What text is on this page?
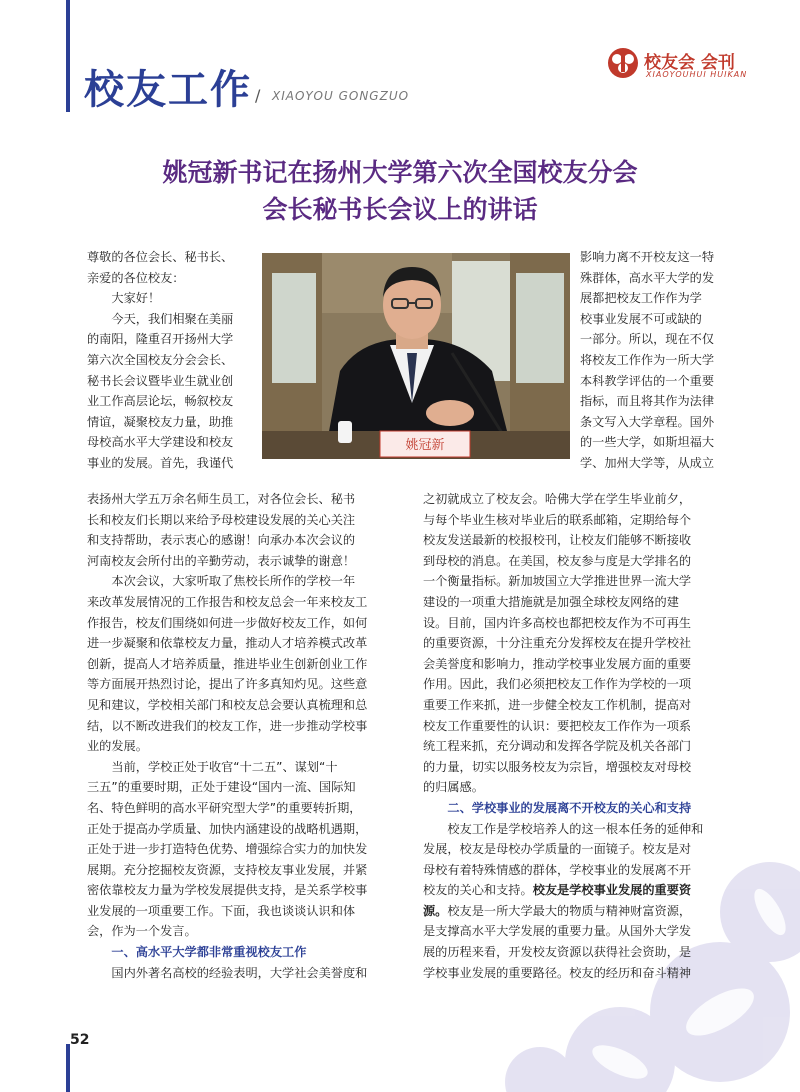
校友工作 / XIAOYOU GONGZUO
校友会 会刊
XIAOYOUHUI HUIKAN
姚冠新书记在扬州大学第六次全国校友分会
会长秘书长会议上的讲话
姚冠新

尊敬的各位会长、秘书长、

亲爱的各位校友：

大家好！

今天，我们相聚在美丽

的南阳，隆重召开扬州大学

第六次全国校友分会会长、

秘书长会议暨毕业生就业创

业工作高层论坛，畅叙校友

情谊，凝聚校友力量，助推

母校高水平大学建设和校友

事业的发展。首先，我谨代

表扬州大学五万余名师生员工，对各位会长、秘书

长和校友们长期以来给予母校建设发展的关心关注

和支持帮助，表示衷心的感谢！向承办本次会议的

河南校友会所付出的辛勤劳动，表示诚挚的谢意！

本次会议，大家听取了焦校长所作的学校一年

来改革发展情况的工作报告和校友总会一年来校友工

作报告，校友们围绕如何进一步做好校友工作，如何

进一步凝聚和依靠校友力量，推动人才培养模式改革

创新，提高人才培养质量，推进毕业生创新创业工作

等方面展开热烈讨论，提出了许多真知灼见。这些意

见和建议，学校相关部门和校友总会要认真梳理和总

结，以不断改进我们的校友工作，进一步推动学校事

业的发展。

当前，学校正处于收官“十二五”、谋划“十

三五”的重要时期，正处于建设“国内一流、国际知

名、特色鲜明的高水平研究型大学”的重要转折期，

正处于提高办学质量、加快内涵建设的战略机遇期，

正处于进一步打造特色优势、增强综合实力的加快发

展期。充分挖掘校友资源，支持校友事业发展，并紧

密依靠校友力量为学校发展提供支持，是关系学校事

业发展的一项重要工作。下面，我也谈谈认识和体

会，作为一个发言。

一、高水平大学都非常重视校友工作

国内外著名高校的经验表明，大学社会美誉度和

影响力离不开校友这一特

殊群体，高水平大学的发

展都把校友工作作为学

校事业发展不可或缺的

一部分。所以，现在不仅

将校友工作作为一所大学

本科教学评估的一个重要

指标，而且将其作为法律

条文写入大学章程。国外

的一些大学，如斯坦福大

学、加州大学等，从成立

之初就成立了校友会。哈佛大学在学生毕业前夕，

与每个毕业生核对毕业后的联系邮箱，定期给每个

校友发送最新的校报校刊，让校友们能够不断接收

到母校的消息。在美国，校友参与度是大学排名的

一个衡量指标。新加坡国立大学推进世界一流大学

建设的一项重大措施就是加强全球校友网络的建

设。目前，国内许多高校也都把校友作为不可再生

的重要资源，十分注重充分发挥校友在提升学校社

会美誉度和影响力，推动学校事业发展方面的重要

作用。因此，我们必须把校友工作作为学校的一项

重要工作来抓，进一步健全校友工作机制，提高对

校友工作重要性的认识：要把校友工作作为一项系

统工程来抓，充分调动和发挥各学院及机关各部门

的力量，切实以服务校友为宗旨，增强校友对母校

的归属感。

二、学校事业的发展离不开校友的关心和支持

校友工作是学校培养人的这一根本任务的延伸和

发展，校友是母校办学质量的一面镜子。校友是对

母校有着特殊情感的群体，学校事业的发展离不开

校友的关心和支持。校友是学校事业发展的重要资

源。校友是一所大学最大的物质与精神财富资源，

是支撑高水平大学发展的重要力量。从国外大学发

展的历程来看，开发校友资源以获得社会资助，是

学校事业发展的重要路径。校友的经历和奋斗精神

52
